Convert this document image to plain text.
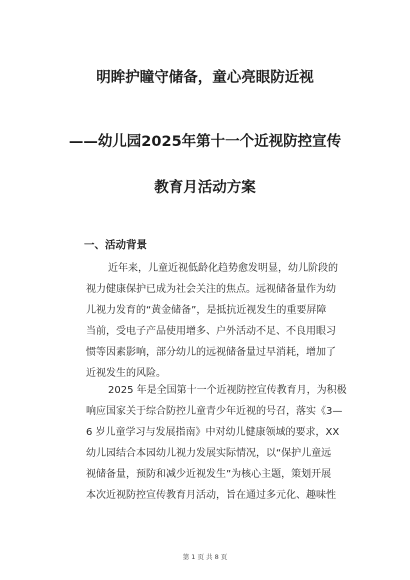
明眸护瞳守储备，童心亮眼防近视
——幼儿园2025年第十一个近视防控宣传
教育月活动方案
一、活动背景
近年来，儿童近视低龄化趋势愈发明显，幼儿阶段的
视力健康保护已成为社会关注的焦点。远视储备量作为幼
儿视力发育的“黄金储备”，是抵抗近视发生的重要屏障
当前，受电子产品使用增多、户外活动不足、不良用眼习
惯等因素影响，部分幼儿的远视储备量过早消耗，增加了
近视发生的风险。
2025 年是全国第十一个近视防控宣传教育月，为积极
响应国家关于综合防控儿童青少年近视的号召，落实《3—
6 岁儿童学习与发展指南》中对幼儿健康领域的要求，XX
幼儿园结合本园幼儿视力发展实际情况，以“保护儿童远
视储备量，预防和减少近视发生”为核心主题，策划开展
本次近视防控宣传教育月活动，旨在通过多元化、趣味性
第 1 页 共 8 页
